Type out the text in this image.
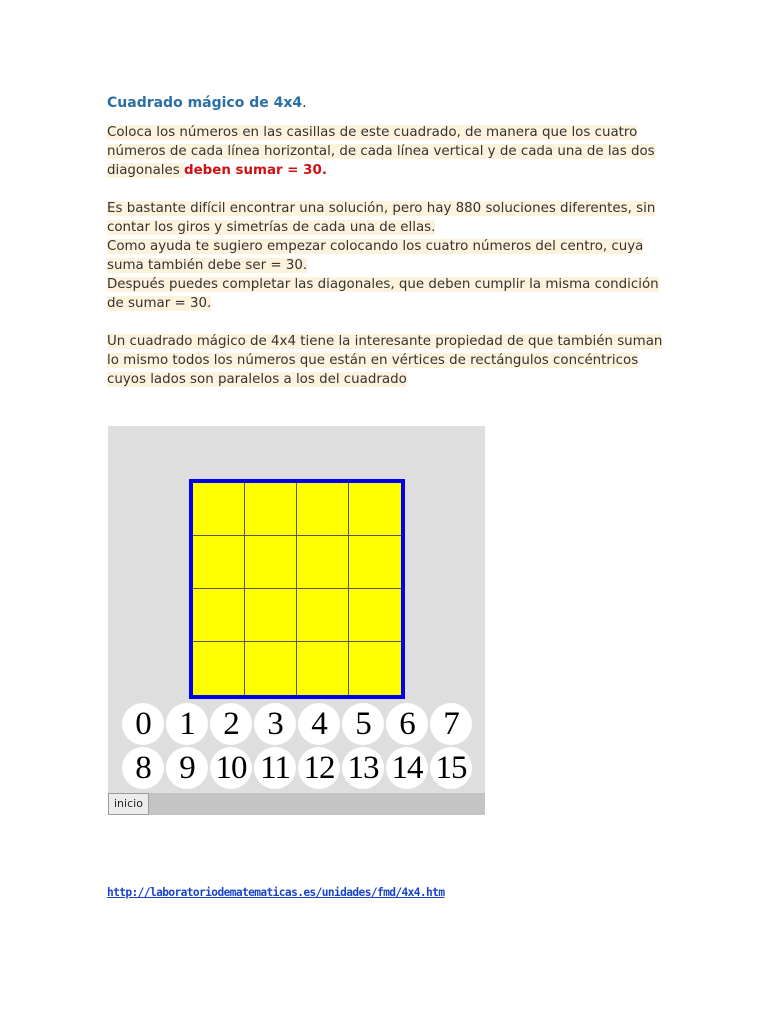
Cuadrado mágico de 4x4.

Coloca los números en las casillas de este cuadrado, de manera que los cuatro números de cada línea horizontal, de cada línea vertical y de cada una de las dos diagonales deben sumar = 30.

Es bastante difícil encontrar una solución, pero hay 880 soluciones diferentes, sin contar los giros y simetrías de cada una de ellas.

Como ayuda te sugiero empezar colocando los cuatro números del centro, cuya suma también debe ser = 30.

Después puedes completar las diagonales, que deben cumplir la misma condición de sumar = 30.

Un cuadrado mágico de 4x4 tiene la interesante propiedad de que también suman lo mismo todos los números que están en vértices de rectángulos concéntricos cuyos lados son paralelos a los del cuadrado

0 1 2 3 4 5 6 7
8 9 10 11 12 13 14 15
inicio
http://laboratoriodematematicas.es/unidades/fmd/4x4.htm
